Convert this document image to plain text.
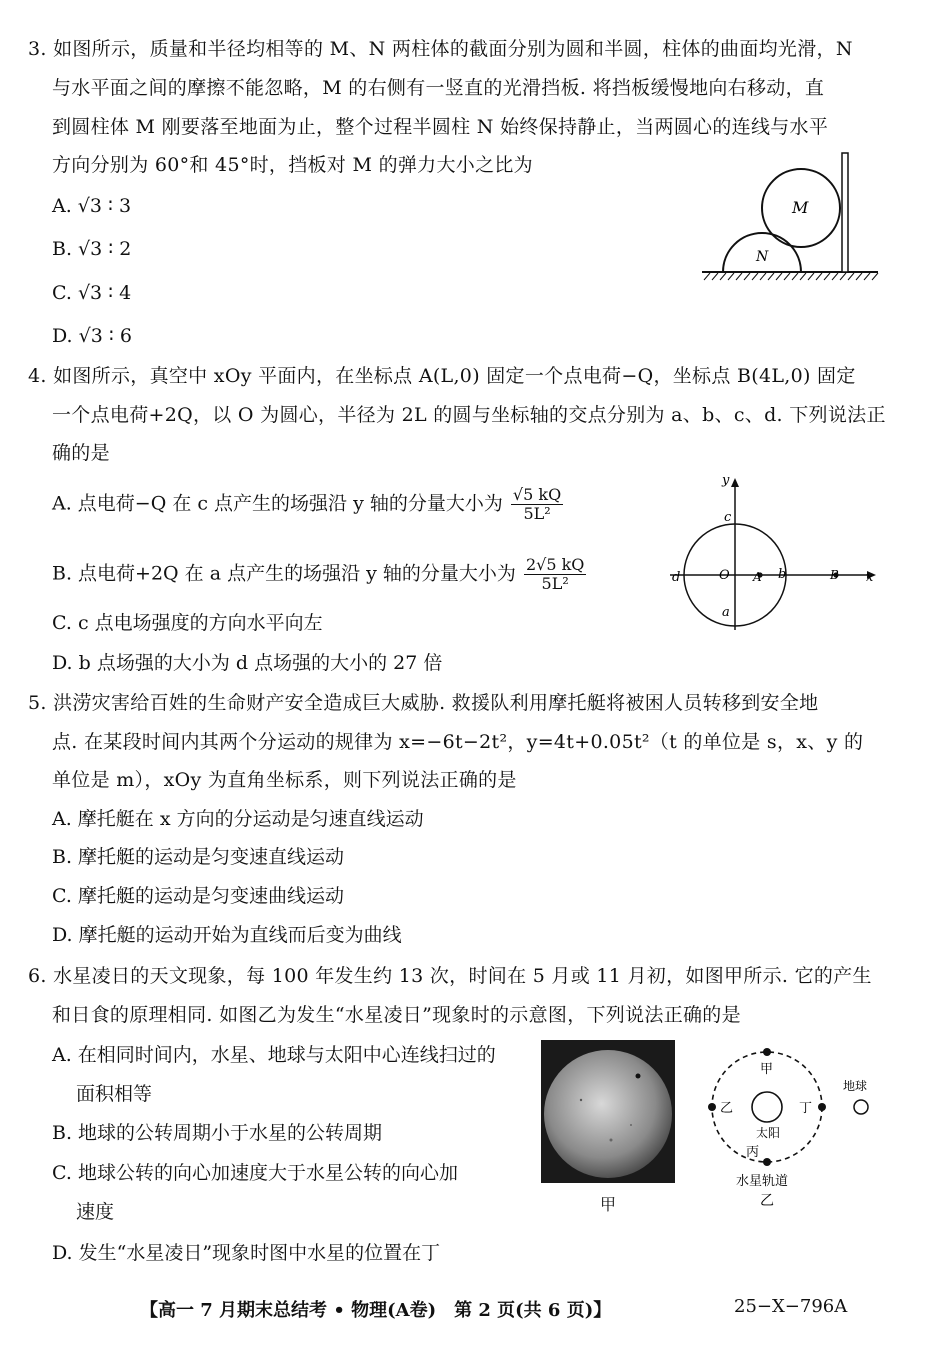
3. 如图所示，质量和半径均相等的 M、N 两柱体的截面分别为圆和半圆，柱体的曲面均光滑，N
与水平面之间的摩擦不能忽略，M 的右侧有一竖直的光滑挡板. 将挡板缓慢地向右移动，直
到圆柱体 M 刚要落至地面为止，整个过程半圆柱 N 始终保持静止，当两圆心的连线与水平
方向分别为 60°和 45°时，挡板对 M 的弹力大小之比为
A. √3 ∶ 3
B. √3 ∶ 2
C. √3 ∶ 4
D. √3 ∶ 6
M
N
4. 如图所示，真空中 xOy 平面内，在坐标点 A(L,0) 固定一个点电荷−Q，坐标点 B(4L,0) 固定
一个点电荷+2Q，以 O 为圆心，半径为 2L 的圆与坐标轴的交点分别为 a、b、c、d. 下列说法正
确的是
A. 点电荷−Q 在 c 点产生的场强沿 y 轴的分量大小为 $\frac{√5 kQ}{\text{5L²}}$
B. 点电荷+2Q 在 a 点产生的场强沿 y 轴的分量大小为 $\frac{2√5 kQ}{\text{5L²}}$
C. c 点电场强度的方向水平向左
D. b 点场强的大小为 d 点场强的大小的 27 倍
y
x
c
d	O A b	B
a
5. 洪涝灾害给百姓的生命财产安全造成巨大威胁. 救援队利用摩托艇将被困人员转移到安全地
点. 在某段时间内其两个分运动的规律为 x=−6t−2t²，y=4t+0.05t²（t 的单位是 s，x、y 的
单位是 m），xOy 为直角坐标系，则下列说法正确的是
A. 摩托艇在 x 方向的分运动是匀速直线运动
B. 摩托艇的运动是匀变速直线运动
C. 摩托艇的运动是匀变速曲线运动
D. 摩托艇的运动开始为直线而后变为曲线
6. 水星凌日的天文现象，每 100 年发生约 13 次，时间在 5 月或 11 月初，如图甲所示. 它的产生
和日食的原理相同. 如图乙为发生“水星凌日”现象时的示意图，下列说法正确的是
A. 在相同时间内，水星、地球与太阳中心连线扫过的
面积相等
B. 地球的公转周期小于水星的公转周期
C. 地球公转的向心加速度大于水星公转的向心加
速度
D. 发生“水星凌日”现象时图中水星的位置在丁
甲
甲
乙	丁
丙
太阳
地球
水星轨道
乙
【高一 7 月期末总结考 • 物理(A卷)　第 2 页(共 6 页)】	25−X−796A
